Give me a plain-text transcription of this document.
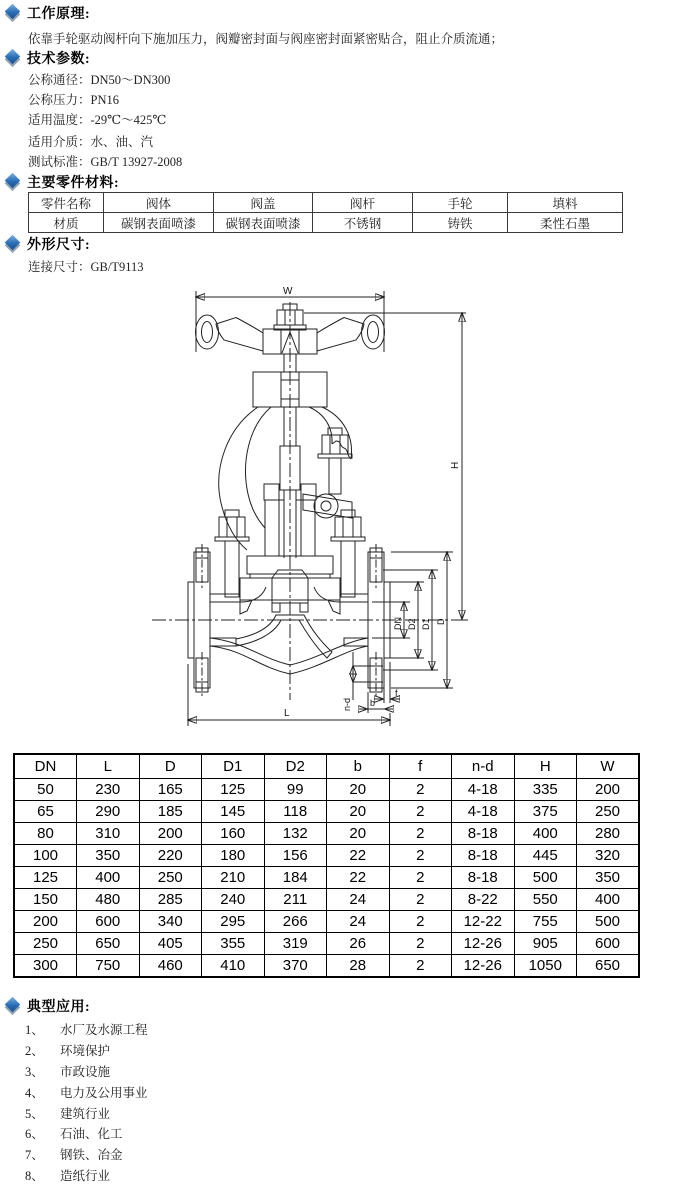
工作原理:
依靠手轮驱动阀杆向下施加压力，阀瓣密封面与阀座密封面紧密贴合，阻止介质流通；
技术参数:
公称通径：DN50～DN300
公称压力：PN16
适用温度：-29℃～425℃
适用介质：水、油、汽
测试标准：GB/T 13927-2008
主要零件材料:
零件名称	阀体	阀盖	阀杆	手轮	填料
材质	碳钢表面喷漆	碳钢表面喷漆	不锈钢	铸铁	柔性石墨
外形尺寸:
连接尺寸：GB/T9113
W
H
DN D2 D1 D
n-d
f
b
L
DN	L	D	D1	D2	b	f	n-d	H	W
50	230	165	125	99	20	2	4-18	335	200
65	290	185	145	118	20	2	4-18	375	250
80	310	200	160	132	20	2	8-18	400	280
100	350	220	180	156	22	2	8-18	445	320
125	400	250	210	184	22	2	8-18	500	350
150	480	285	240	211	24	2	8-22	550	400
200	600	340	295	266	24	2	12-22	755	500
250	650	405	355	319	26	2	12-26	905	600
300	750	460	410	370	28	2	12-26	1050	650
典型应用:
1、	水厂及水源工程
2、	环境保护
3、	市政设施
4、	电力及公用事业
5、	建筑行业
6、	石油、化工
7、	钢铁、冶金
8、	造纸行业
